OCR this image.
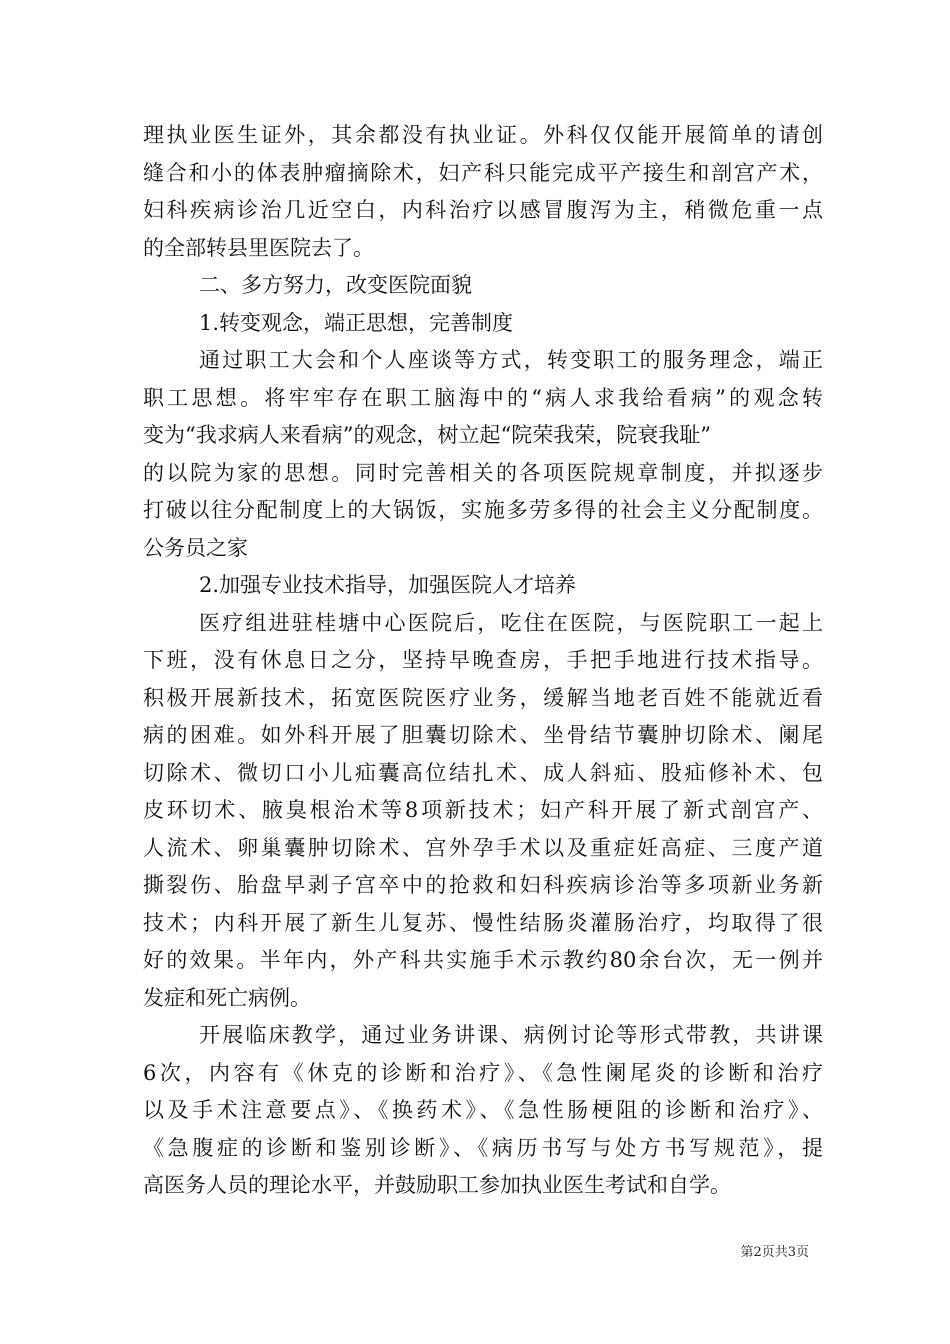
理执业医生证外，其余都没有执业证。外科仅仅能开展简单的请创
缝合和小的体表肿瘤摘除术，妇产科只能完成平产接生和剖宫产术，
妇科疾病诊治几近空白，内科治疗以感冒腹泻为主，稍微危重一点
的全部转县里医院去了。
二、多方努力，改变医院面貌
1.转变观念，端正思想，完善制度
通过职工大会和个人座谈等方式，转变职工的服务理念，端正
职工思想。将牢牢存在职工脑海中的“病人求我给看病”的观念转
变为“我求病人来看病”的观念，树立起“院荣我荣，院衰我耻”
的以院为家的思想。同时完善相关的各项医院规章制度，并拟逐步
打破以往分配制度上的大锅饭，实施多劳多得的社会主义分配制度。
公务员之家
2.加强专业技术指导，加强医院人才培养
医疗组进驻桂塘中心医院后，吃住在医院，与医院职工一起上
下班，没有休息日之分，坚持早晚查房，手把手地进行技术指导。
积极开展新技术，拓宽医院医疗业务，缓解当地老百姓不能就近看
病的困难。如外科开展了胆囊切除术、坐骨结节囊肿切除术、阑尾
切除术、微切口小儿疝囊高位结扎术、成人斜疝、股疝修补术、包
皮环切术、腋臭根治术等8项新技术；妇产科开展了新式剖宫产、
人流术、卵巢囊肿切除术、宫外孕手术以及重症妊高症、三度产道
撕裂伤、胎盘早剥子宫卒中的抢救和妇科疾病诊治等多项新业务新
技术；内科开展了新生儿复苏、慢性结肠炎灌肠治疗，均取得了很
好的效果。半年内，外产科共实施手术示教约80余台次，无一例并
发症和死亡病例。
开展临床教学，通过业务讲课、病例讨论等形式带教，共讲课
6次，内容有《休克的诊断和治疗》、《急性阑尾炎的诊断和治疗
以及手术注意要点》、《换药术》、《急性肠梗阻的诊断和治疗》、
《急腹症的诊断和鉴别诊断》、《病历书写与处方书写规范》，提
高医务人员的理论水平，并鼓励职工参加执业医生考试和自学。
第2页共3页
